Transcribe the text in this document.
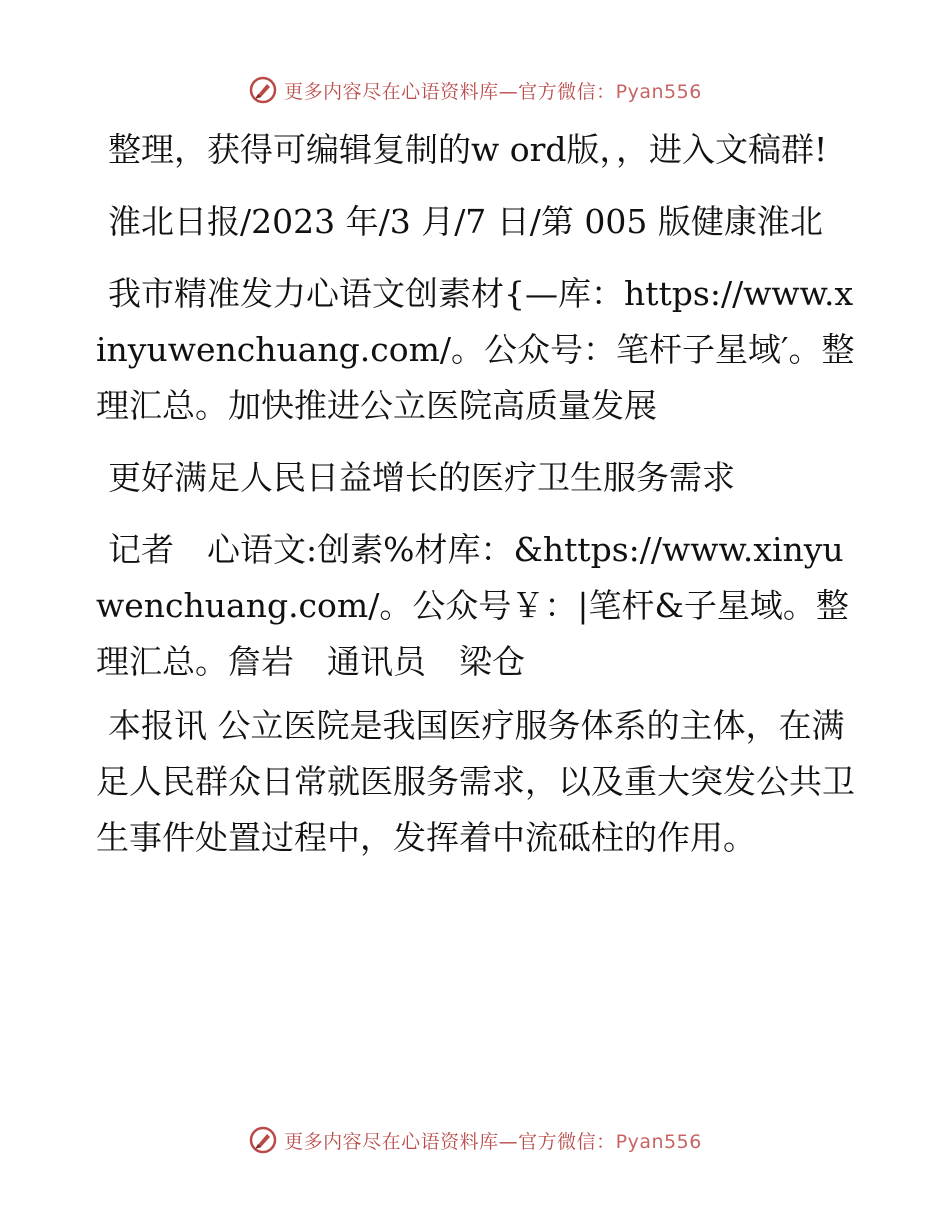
更多内容尽在心语资料库—官方微信：Pyan556

整理，获得可编辑复制的w ord版，，进入文稿群!

淮北日报/2023 年/3 月/7 日/第 005 版健康淮北

我市精准发力心语文创素材{—库：https://www.xinyuwenchuang.com/。公众号：笔杆子星域′。整理汇总。加快推进公立医院高质量发展

更好满足人民日益增长的医疗卫生服务需求

记者　心语文:创素%材库：&https://www.xinyuwenchuang.com/。公众号￥：|笔杆&子星域。整理汇总。詹岩　通讯员　梁仓

本报讯 公立医院是我国医疗服务体系的主体，在满足人民群众日常就医服务需求，以及重大突发公共卫生事件处置过程中，发挥着中流砥柱的作用。

更多内容尽在心语资料库—官方微信：Pyan556
